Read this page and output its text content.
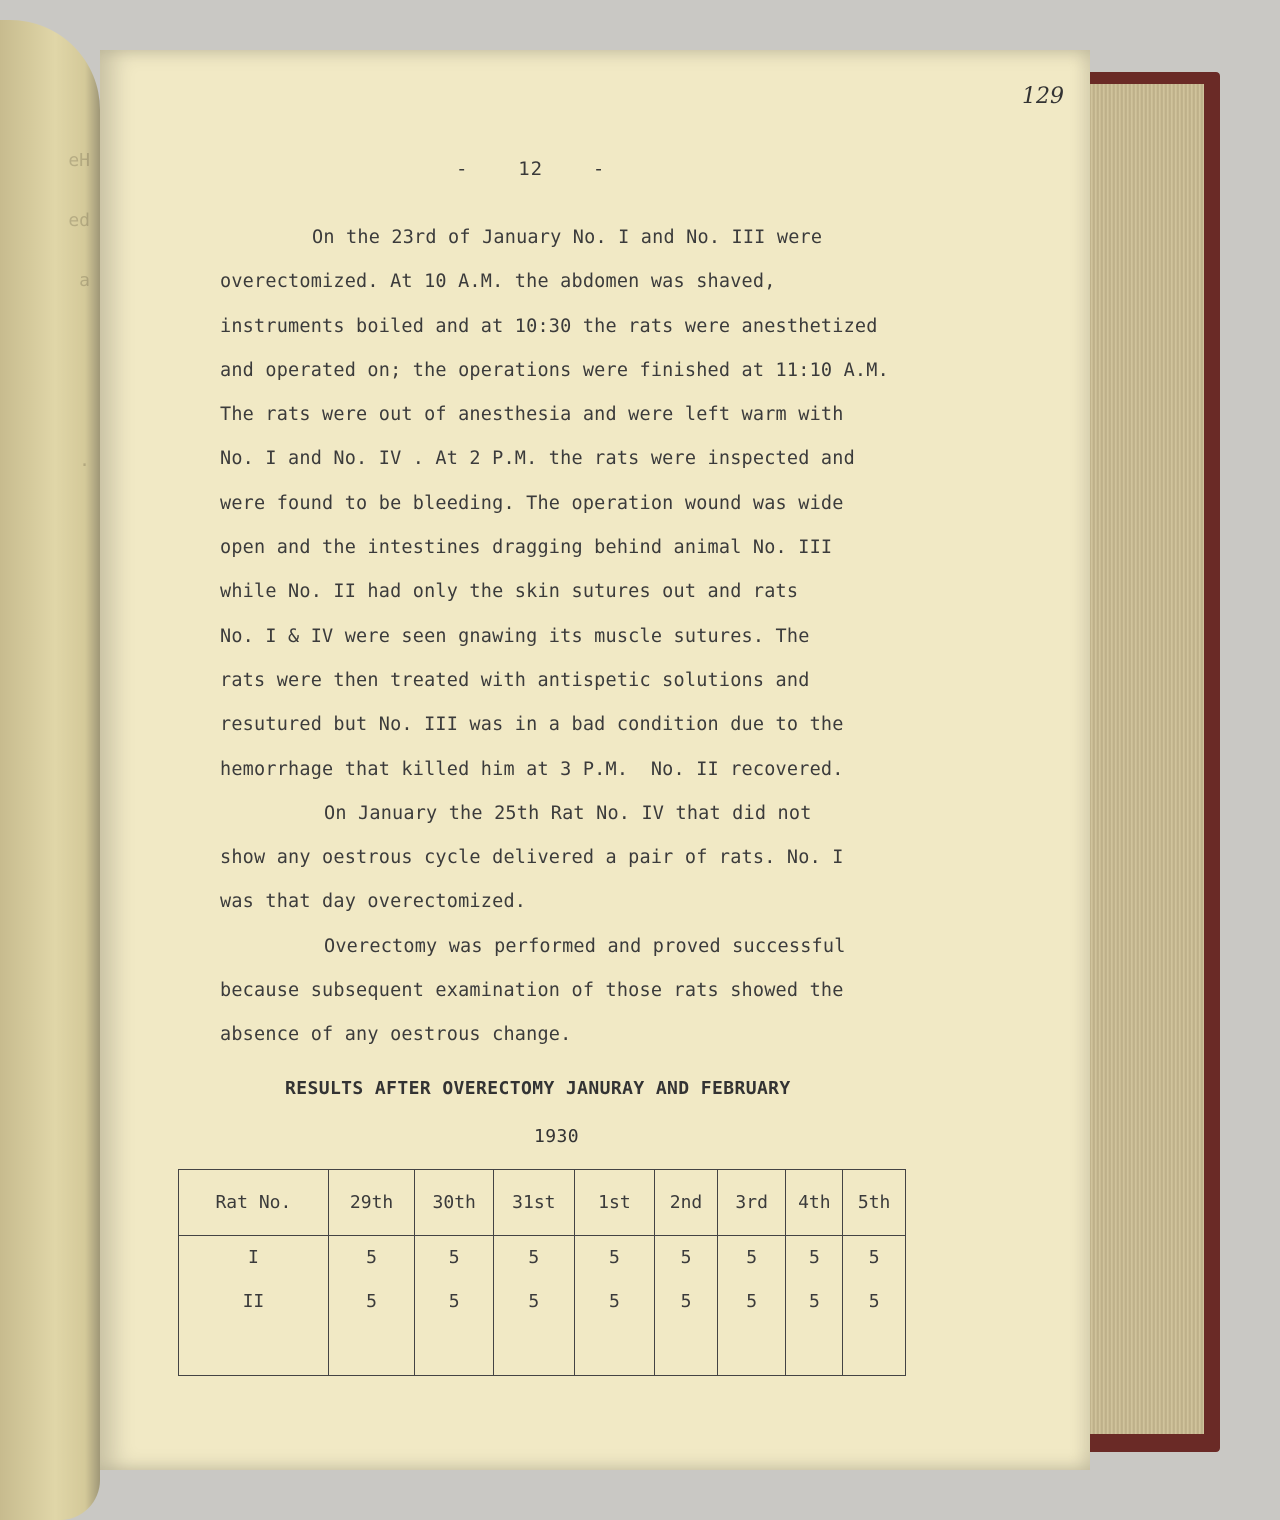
eH
ed
a
.
129
-    12    -

On the 23rd of January No. I and No. III were

overectomized. At 10 A.M. the abdomen was shaved,

instruments boiled and at 10:30 the rats were anesthetized

and operated on; the operations were finished at 11:10 A.M.

The rats were out of anesthesia and were left warm with

No. I and No. IV . At 2 P.M. the rats were inspected and

were found to be bleeding. The operation wound was wide

open and the intestines dragging behind animal No. III

while No. II had only the skin sutures out and rats

No. I & IV were seen gnawing its muscle sutures. The

rats were then treated with antispetic solutions and

resutured but No. III was in a bad condition due to the

hemorrhage that killed him at 3 P.M.  No. II recovered.

On January the 25th Rat No. IV that did not

show any oestrous cycle delivered a pair of rats. No. I

was that day overectomized.

Overectomy was performed and proved successful

because subsequent examination of those rats showed the

absence of any oestrous change.

RESULTS AFTER OVERECTOMY JANURAY AND FEBRUARY
1930
Rat No.	29th	30th	31st	1st	2nd	3rd	4th	5th
I	5	5	5	5	5	5	5	5
II	5	5	5	5	5	5	5	5
